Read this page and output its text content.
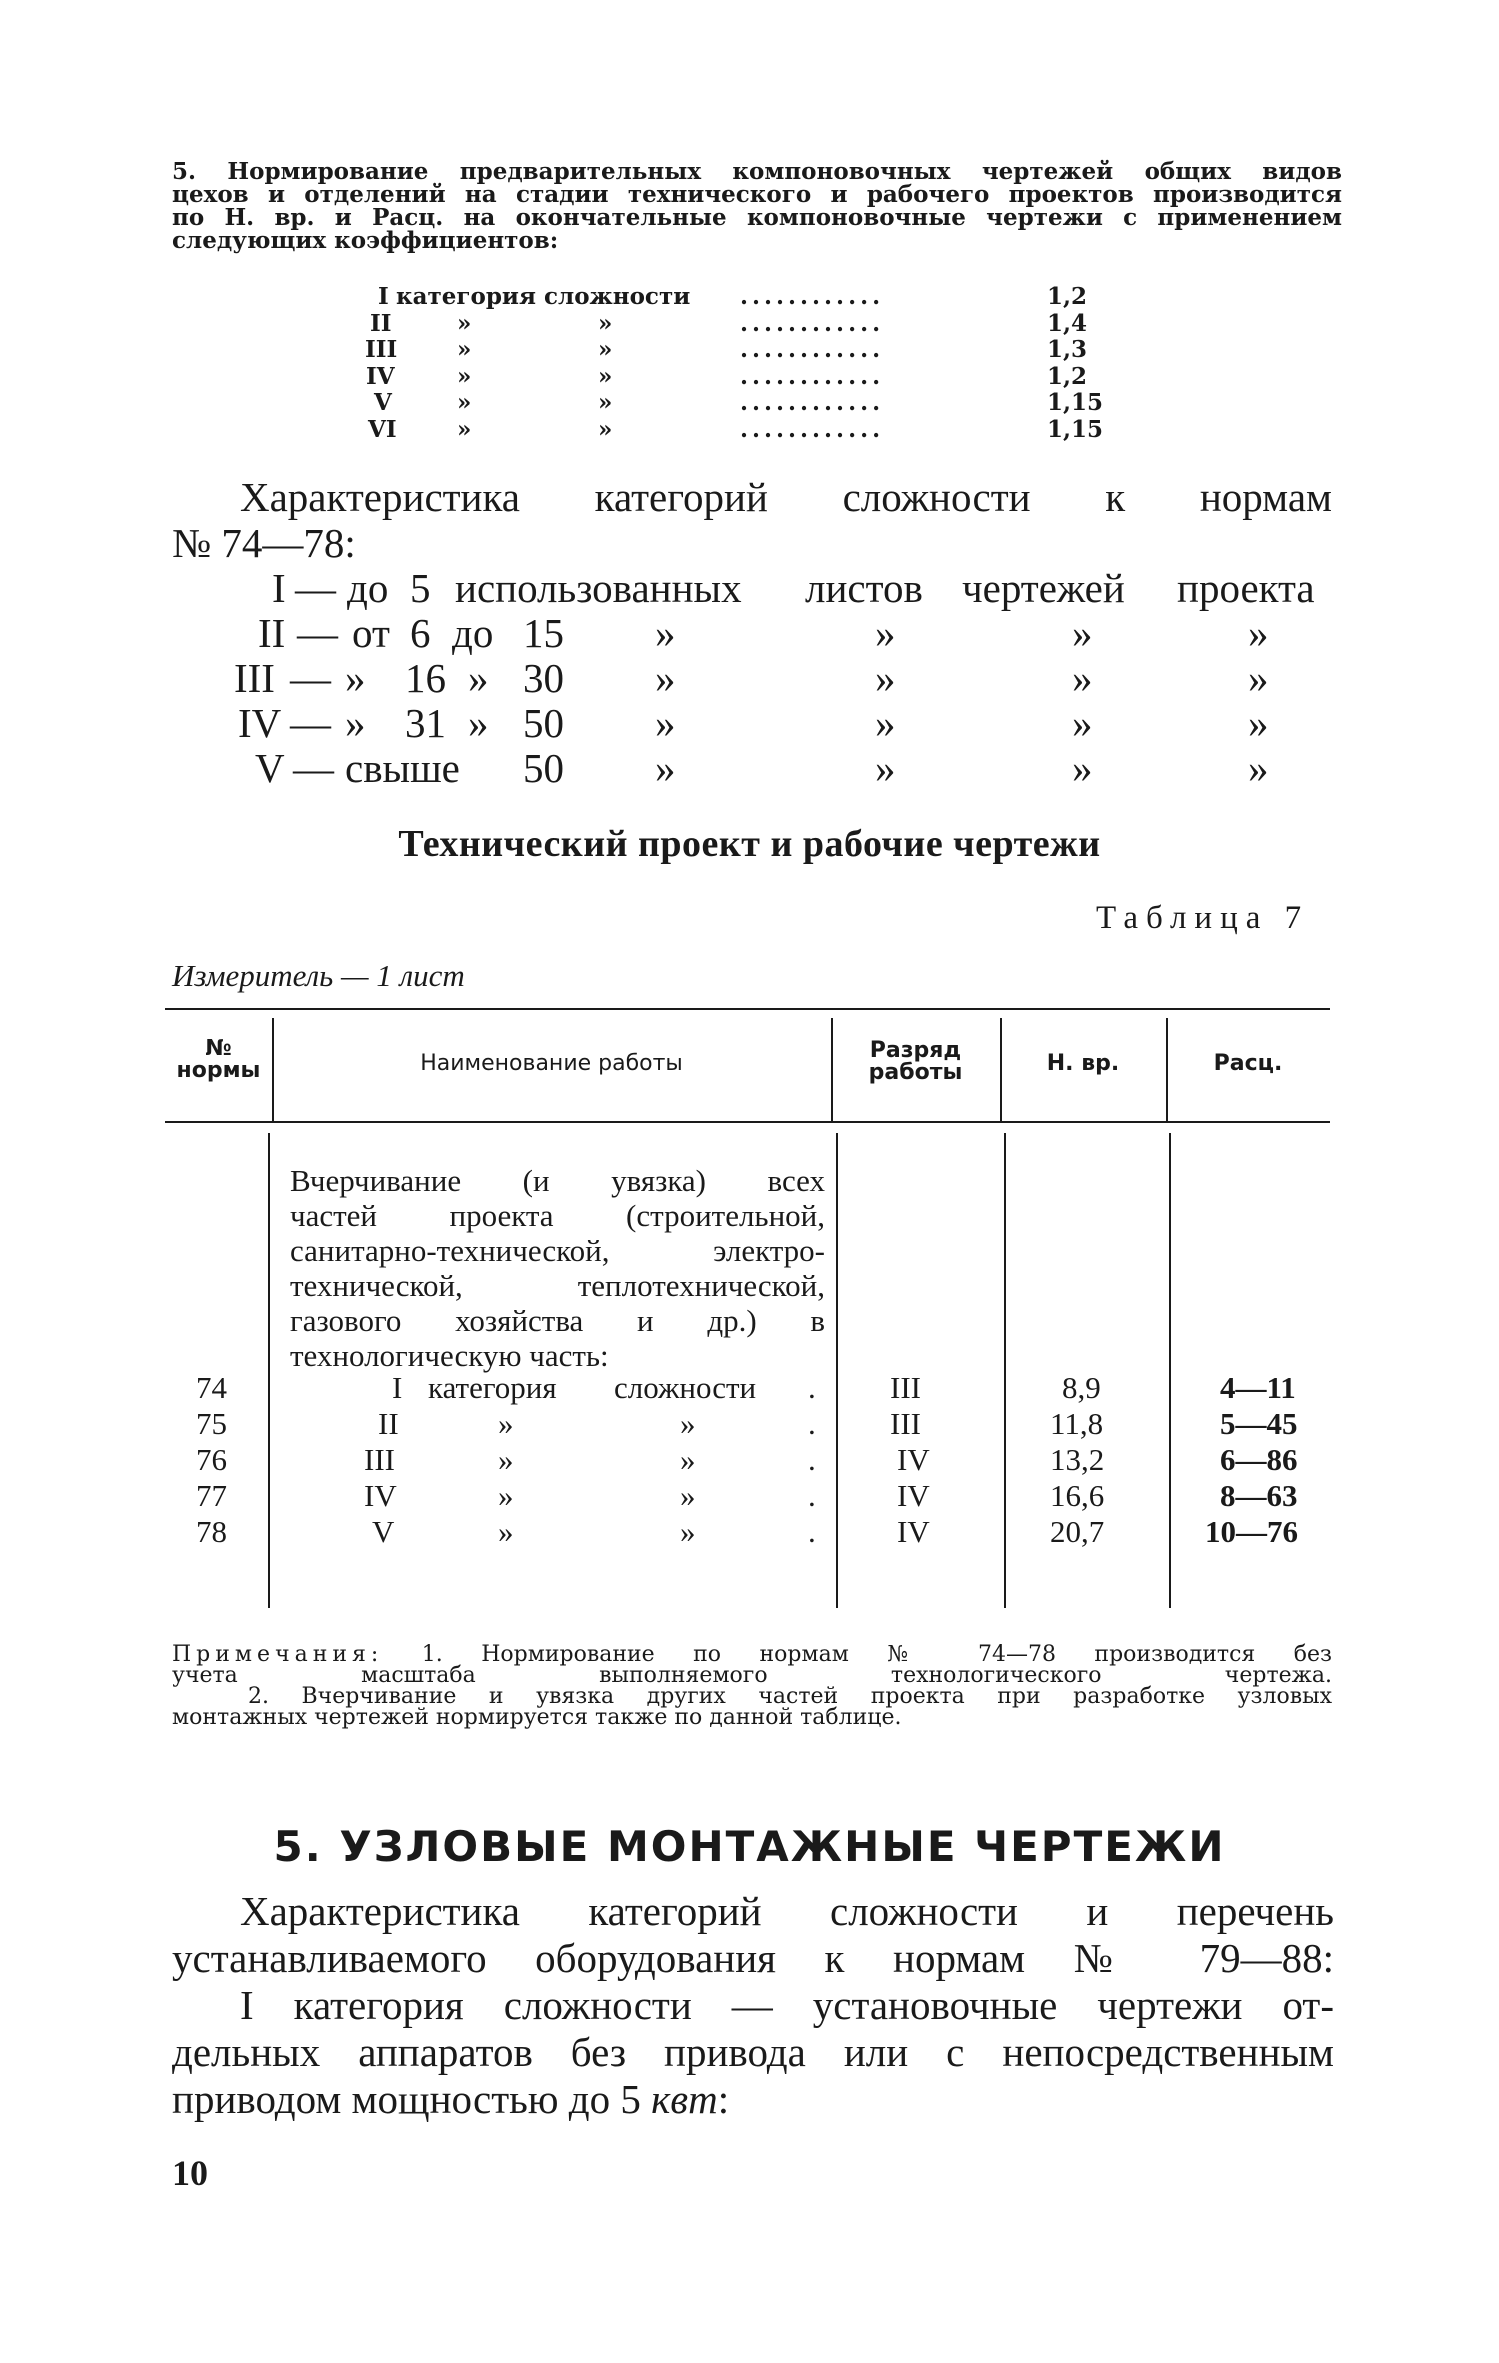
5. Нормирование предварительных компоновочных чертежей общих видов
цехов и отделений на стадии технического и рабочего проектов производится
по Н. вр. и Расц. на окончательные компоновочные чертежи с применением
следующих коэффициентов:
I категория сложности ............	1,2
II	»	»	............	1,4
III	»	»	............	1,3
IV	»	»	............	1,2
V	»	»	............	1,15
VI	»	»	............	1,15
Характеристика категорий сложности к нормам
№ 74—78:
I — до 5 использованных листов чертежей проекта
II — от 6 до 15 »	»	»	»
III — » 16 » 30 »	»	»	»
IV — » 31 » 50 »	»	»	»
V — свыше 50 »	»	»	»
Технический проект и рабочие чертежи
Таблица 7
Измеритель — 1 лист
№
нормы	Наименование работы
Разряд
работы	Н. вр.	Расц.
Вчерчивание (и увязка) всех
частей проекта (строительной,
санитарно-технической, электро-
технической, теплотехнической,
газового хозяйства и др.) в
технологическую часть:
74	I категория сложности . III	8,9	4—11
75	II	»	»	. III	11,8	5—45
76	III	»	»	.	IV	13,2	6—86
77	IV	»	»	.	IV	16,6	8—63
78	V	»	»	.	IV	20,7	10—76
Примечания: 1. Нормирование по нормам № 74—78 производится без
учета масштаба выполняемого технологического чертежа.
2. Вчерчивание и увязка других частей проекта при разработке узловых
монтажных чертежей нормируется также по данной таблице.
5. УЗЛОВЫЕ МОНТАЖНЫЕ ЧЕРТЕЖИ
Характеристика категорий сложности и перечень
устанавливаемого оборудования к нормам № 79—88:
I категория сложности — установочные чертежи от-
дельных аппаратов без привода или с непосредственным
приводом мощностью до 5 квт:
10
